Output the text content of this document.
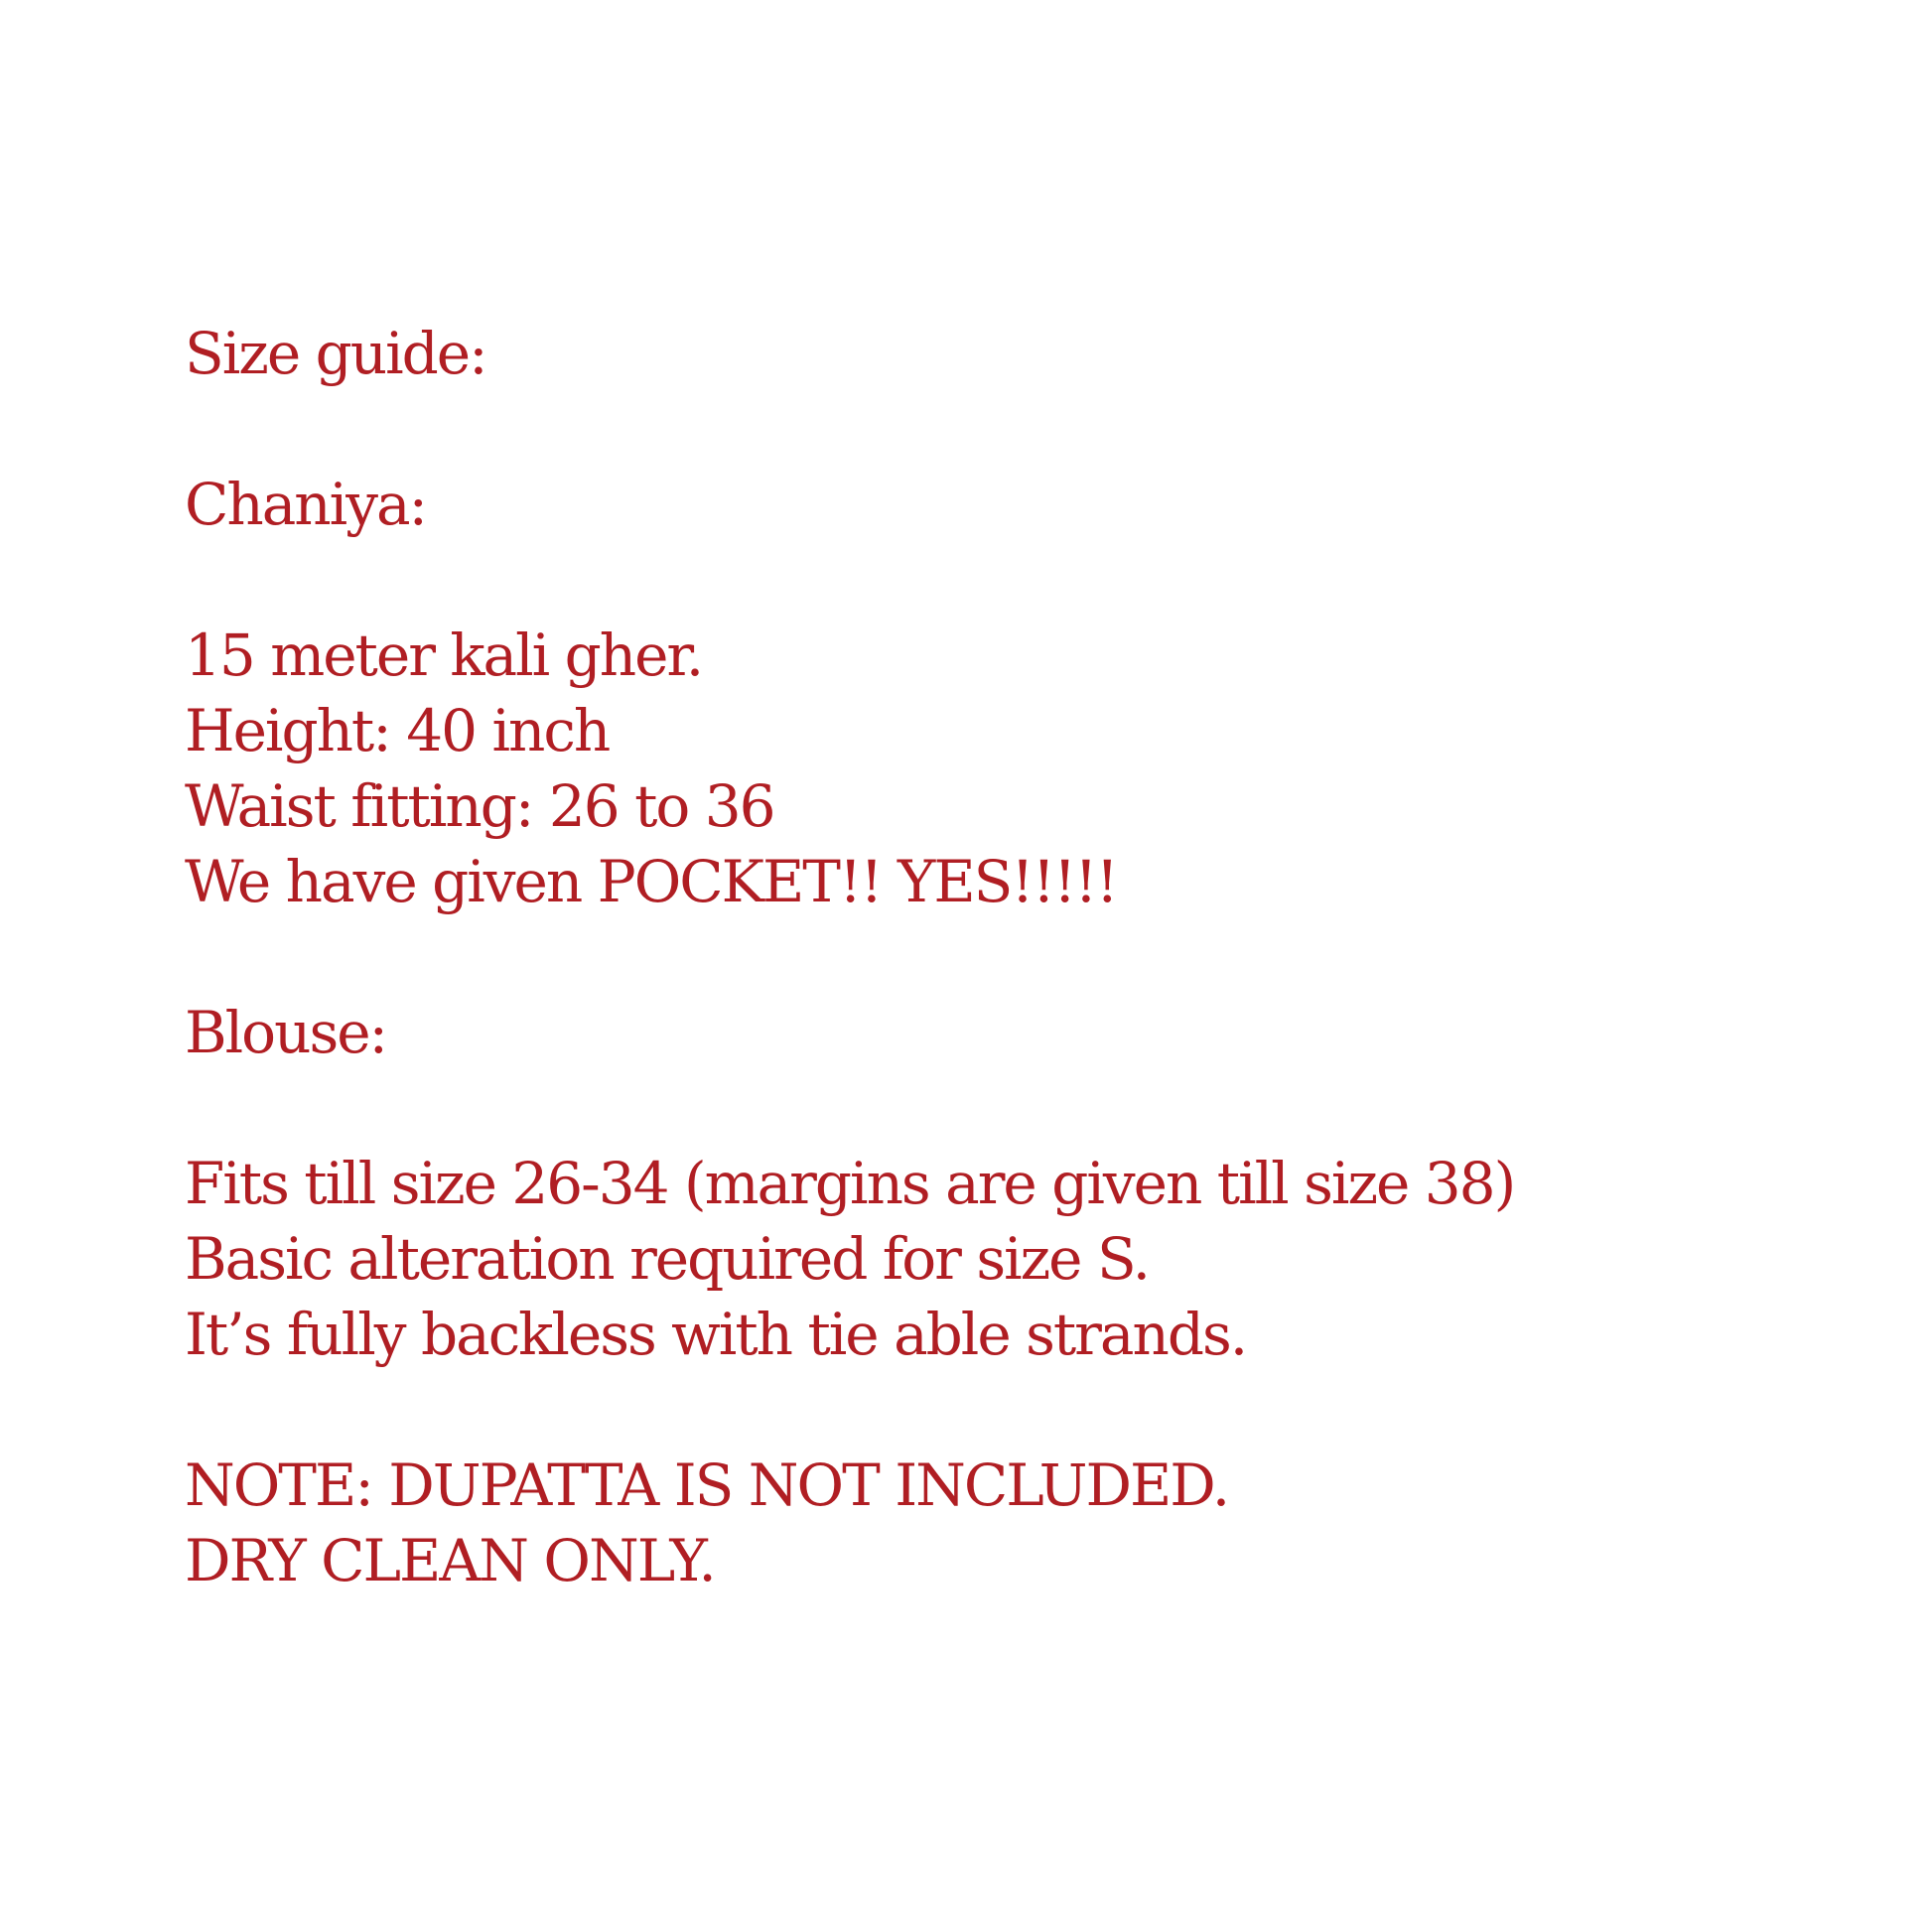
Size guide:
Chaniya:
15 meter kali gher.
Height: 40 inch
Waist fitting: 26 to 36
We have given POCKET!! YES!!!!!
Blouse:
Fits till size 26-34 (margins are given till size 38)
Basic alteration required for size S.
It’s fully backless with tie able strands.
NOTE: DUPATTA IS NOT INCLUDED.
DRY CLEAN ONLY.
